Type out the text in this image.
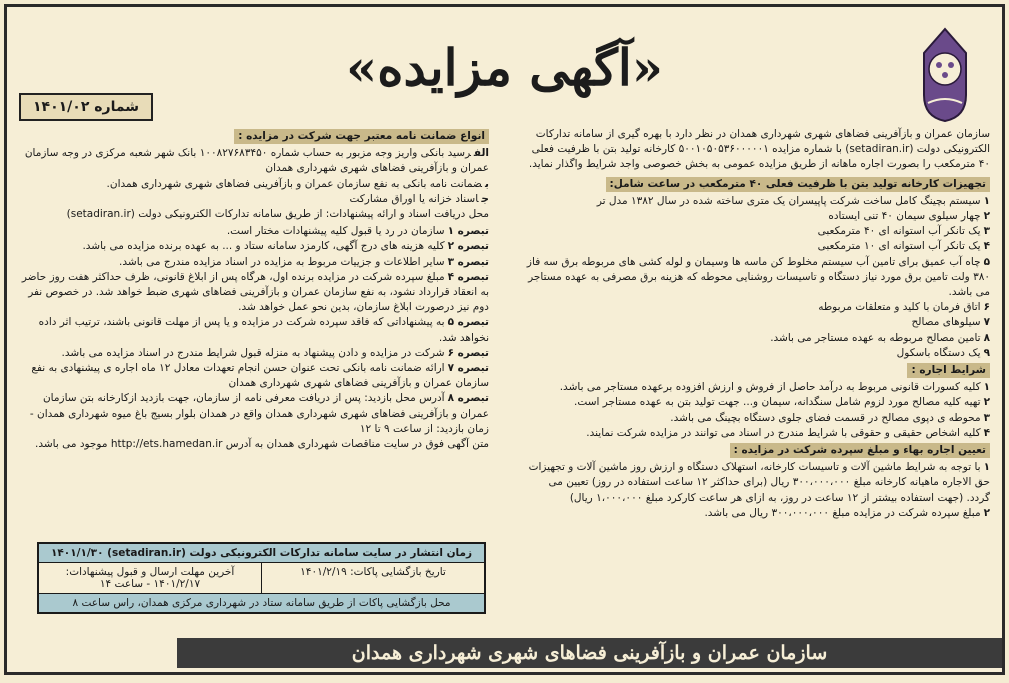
«آگهی مزایده»
شماره ۱۴۰۱/۰۲

سازمان عمران و بازآفرینی فضاهای شهری شهرداری همدان در نظر دارد با بهره گیری از سامانه تدارکات الکترونیکی دولت (setadiran.ir) با شماره مزایده ۵۰۰۱۰۵۰۵۳۶۰۰۰۰۰۱ کارخانه تولید بتن با ظرفیت فعلی ۴۰ مترمکعب را بصورت اجاره ماهانه از طریق مزایده عمومی به بخش خصوصی واجد شرایط واگذار نماید.

تجهیزات کارخانه تولید بتن با ظرفیت فعلی ۴۰ مترمکعب در ساعت شامل:

۱سیستم بچینگ کامل ساخت شرکت پاپیسران یک متری ساخته شده در سال ۱۳۸۲ مدل تر

۲چهار سیلوی سیمان ۴۰ تنی ایستاده

۳یک تانکر آب استوانه ای ۴۰ مترمکعبی

۴یک تانکر آب استوانه ای ۱۰ مترمکعبی

۵چاه آب عمیق برای تامین آب سیستم مخلوط کن ماسه ها وسیمان و لوله کشی های مربوطه برق سه فاز ۳۸۰ ولت تامین برق مورد نیاز دستگاه و تاسیسات روشنایی محوطه که هزینه برق مصرفی به عهده مستاجر می باشد.

۶اتاق فرمان با کلید و متعلقات مربوطه

۷سیلوهای مصالح

۸تامین مصالح مربوطه به عهده مستاجر می باشد.

۹یک دستگاه باسکول

شرایط اجاره :

۱کلیه کسورات قانونی مربوط به درآمد حاصل از فروش و ارزش افزوده برعهده مستاجر می باشد.

۲تهیه کلیه مصالح مورد لزوم شامل سنگدانه، سیمان و... جهت تولید بتن به عهده مستاجر است.

۳محوطه ی دپوی مصالح در قسمت فضای جلوی دستگاه بچینگ می باشد.

۴کلیه اشخاص حقیقی و حقوقی با شرایط مندرج در اسناد می توانند در مزایده شرکت نمایند.

تعیین اجاره بهاء و مبلغ سپرده شرکت در مزایده :

۱با توجه به شرایط ماشین آلات و تاسیسات کارخانه، استهلاک دستگاه و ارزش روز ماشین آلات و تجهیزات حق الاجاره ماهیانه کارخانه مبلغ ۳۰۰،۰۰۰،۰۰۰ ریال (برای حداکثر ۱۲ ساعت استفاده در روز) تعیین می گردد. (جهت استفاده بیشتر از ۱۲ ساعت در روز، به ازای هر ساعت کارکرد مبلغ ۱،۰۰۰،۰۰۰ ریال)

۲مبلغ سپرده شرکت در مزایده مبلغ ۳۰۰،۰۰۰،۰۰۰ ریال می باشد.

انواع ضمانت نامه معتبر جهت شرکت در مزایده :

الفرسید بانکی واریز وجه مزبور به حساب شماره ۱۰۰۸۲۷۶۸۳۴۵۰ بانک شهر شعبه مرکزی در وجه سازمان عمران و بازآفرینی فضاهای شهری شهرداری همدان

بضمانت نامه بانکی به نفع سازمان عمران و بازآفرینی فضاهای شهری شهرداری همدان.

جاسناد خزانه یا اوراق مشارکت

محل دریافت اسناد و ارائه پیشنهادات: از طریق سامانه تدارکات الکترونیکی دولت (setadiran.ir)

تبصره ۱سازمان در رد یا قبول کلیه پیشنهادات مختار است.

تبصره ۲کلیه هزینه های درج آگهی، کارمزد سامانه ستاد و ... به عهده برنده مزایده می باشد.

تبصره ۳سایر اطلاعات و جزییات مربوط به مزایده در اسناد مزایده مندرج می باشد.

تبصره ۴مبلغ سپرده شرکت در مزایده برنده اول، هرگاه پس از ابلاغ قانونی، ظرف حداکثر هفت روز حاضر به انعقاد قرارداد نشود، به نفع سازمان عمران و بازآفرینی فضاهای شهری ضبط خواهد شد. در خصوص نفر دوم نیز درصورت ابلاغ سازمان، بدین نحو عمل خواهد شد.

تبصره ۵به پیشنهاداتی که فاقد سپرده شرکت در مزایده و یا پس از مهلت قانونی باشند، ترتیب اثر داده نخواهد شد.

تبصره ۶شرکت در مزایده و دادن پیشنهاد به منزله قبول شرایط مندرج در اسناد مزایده می باشد.

تبصره ۷ارائه ضمانت نامه بانکی تحت عنوان حسن انجام تعهدات معادل ۱۲ ماه اجاره ی پیشنهادی به نفع سازمان عمران و بازآفرینی فضاهای شهری شهرداری همدان

تبصره ۸آدرس محل بازدید: پس از دریافت معرفی نامه از سازمان، جهت بازدید ازکارخانه بتن سازمان عمران و بازآفرینی فضاهای شهری شهرداری همدان واقع در همدان بلوار بسیج باغ میوه شهرداری همدان - زمان بازدید: از ساعت ۹ تا ۱۲

متن آگهی فوق در سایت مناقصات شهرداری همدان به آدرس http://ets.hamedan.ir موجود می باشد.

زمان انتشار در سایت سامانه تدارکات الکترونیکی دولت (setadiran.ir) ۱۴۰۱/۱/۳۰
تاریخ بازگشایی پاکات: ۱۴۰۱/۲/۱۹
آخرین مهلت ارسال و قبول پیشنهادات: ۱۴۰۱/۲/۱۷ - ساعت ۱۴
محل بازگشایی پاکات از طریق سامانه ستاد در شهرداری مرکزی همدان، راس ساعت ۸
سازمان عمران و بازآفرینی فضاهای شهری شهرداری همدان
